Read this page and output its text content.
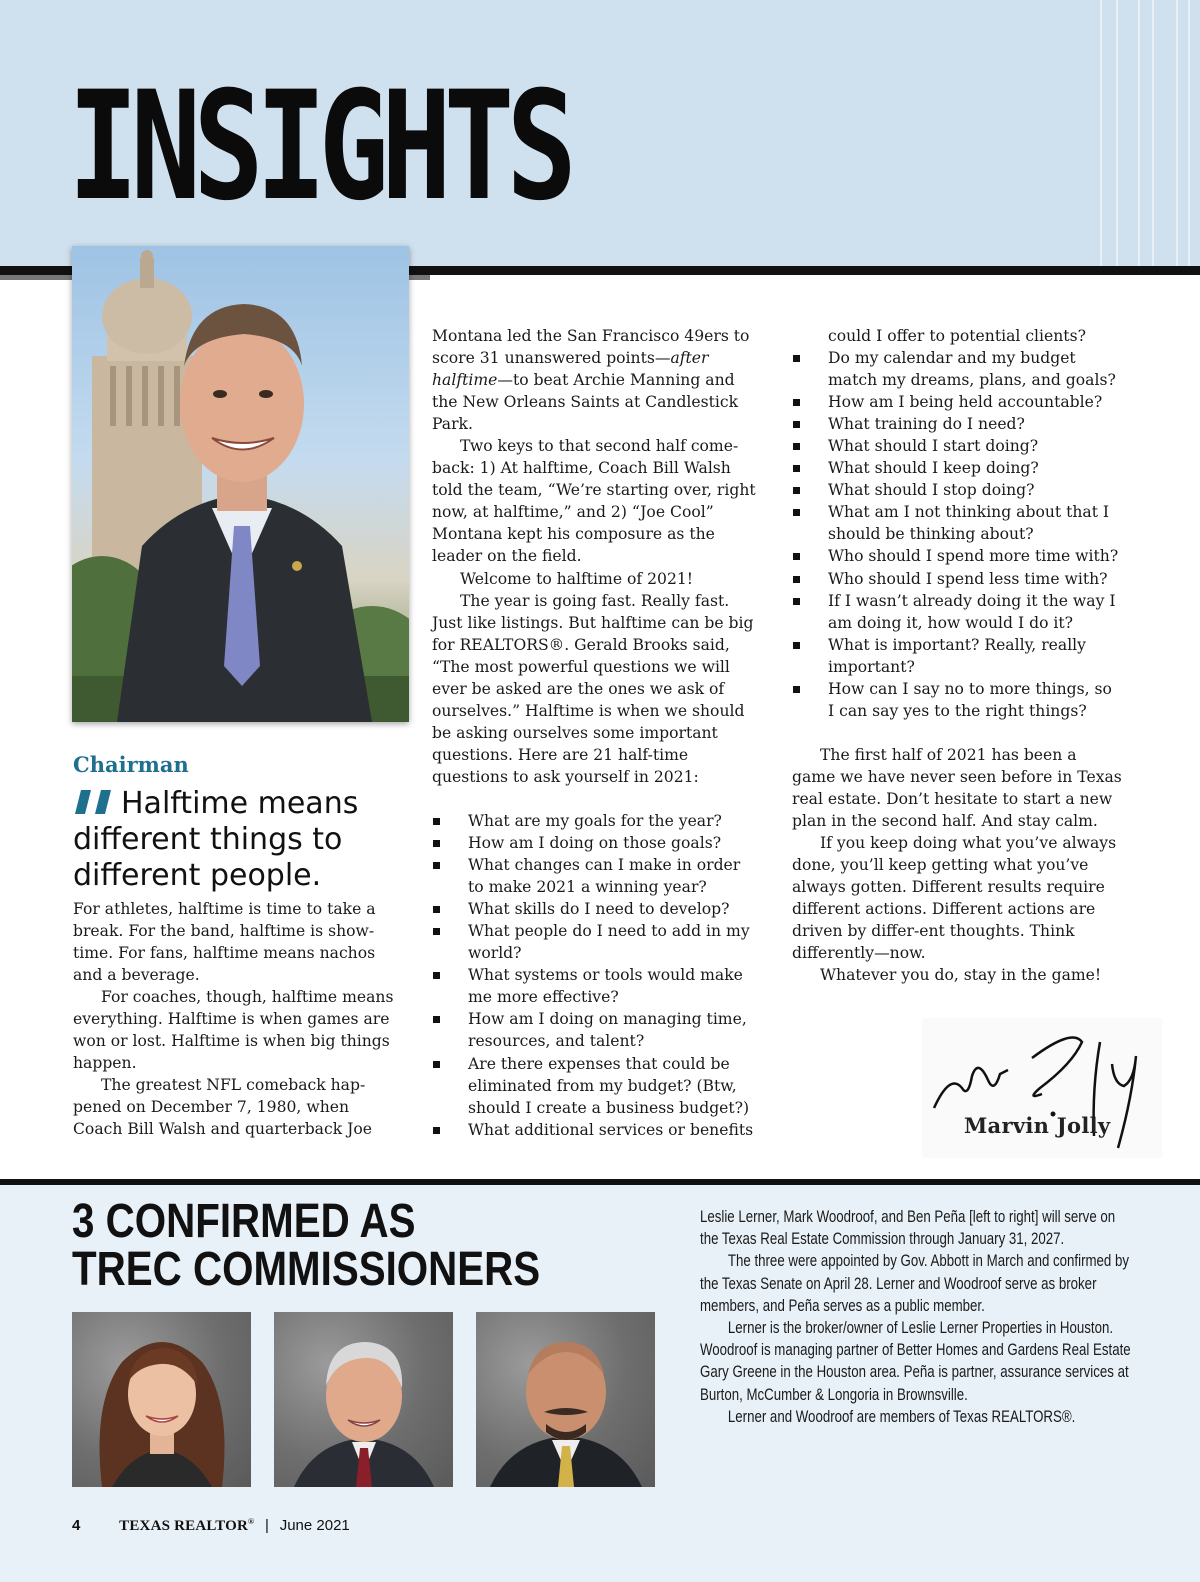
INSIGHTS
Chairman

Halftime means different things to different people.

For athletes, halftime is time to take a break. For the band, halftime is show-time. For fans, halftime means nachos and a beverage.

For coaches, though, halftime means everything. Halftime is when games are won or lost. Halftime is when big things happen.

The greatest NFL comeback hap-pened on December 7, 1980, when Coach Bill Walsh and quarterback Joe

Montana led the San Francisco 49ers to score 31 unanswered points—after halftime—to beat Archie Manning and the New Orleans Saints at Candlestick Park.

Two keys to that second half come-back: 1) At halftime, Coach Bill Walsh told the team, “We’re starting over, right now, at halftime,” and 2) “Joe Cool” Montana kept his composure as the leader on the field.

Welcome to halftime of 2021!

The year is going fast. Really fast. Just like listings. But halftime can be big for REALTORS®. Gerald Brooks said, “The most powerful questions we will ever be asked are the ones we ask of ourselves.” Halftime is when we should be asking ourselves some important questions. Here are 21 half-time questions to ask yourself in 2021:

What are my goals for the year?
How am I doing on those goals?
What changes can I make in order to make 2021 a winning year?
What skills do I need to develop?
What people do I need to add in my world?
What systems or tools would make me more effective?
How am I doing on managing time, resources, and talent?
Are there expenses that could be eliminated from my budget? (Btw, should I create a business budget?)
What additional services or benefits

could I offer to potential clients?

Do my calendar and my budget match my dreams, plans, and goals?
How am I being held accountable?
What training do I need?
What should I start doing?
What should I keep doing?
What should I stop doing?
What am I not thinking about that I should be thinking about?
Who should I spend more time with?
Who should I spend less time with?
If I wasn’t already doing it the way I am doing it, how would I do it?
What is important? Really, really important?
How can I say no to more things, so I can say yes to the right things?

The first half of 2021 has been a game we have never seen before in Texas real estate. Don’t hesitate to start a new plan in the second half. And stay calm.

If you keep doing what you’ve always done, you’ll keep getting what you’ve always gotten. Different results require different actions. Different actions are driven by differ-ent thoughts. Think differently—now.

Whatever you do, stay in the game!

Marvin Jolly

3 CONFIRMED AS
TREC COMMISSIONERS

Leslie Lerner, Mark Woodroof, and Ben Peña [left to right] will serve on the Texas Real Estate Commission through January 31, 2027.

The three were appointed by Gov. Abbott in March and confirmed by the Texas Senate on April 28. Lerner and Woodroof serve as broker members, and Peña serves as a public member.

Lerner is the broker/owner of Leslie Lerner Properties in Houston. Woodroof is managing partner of Better Homes and Gardens Real Estate Gary Greene in the Houston area. Peña is partner, assurance services at Burton, McCumber & Longoria in Brownsville.

Lerner and Woodroof are members of Texas REALTORS®.

4	TEXAS REALTOR® | June 2021
